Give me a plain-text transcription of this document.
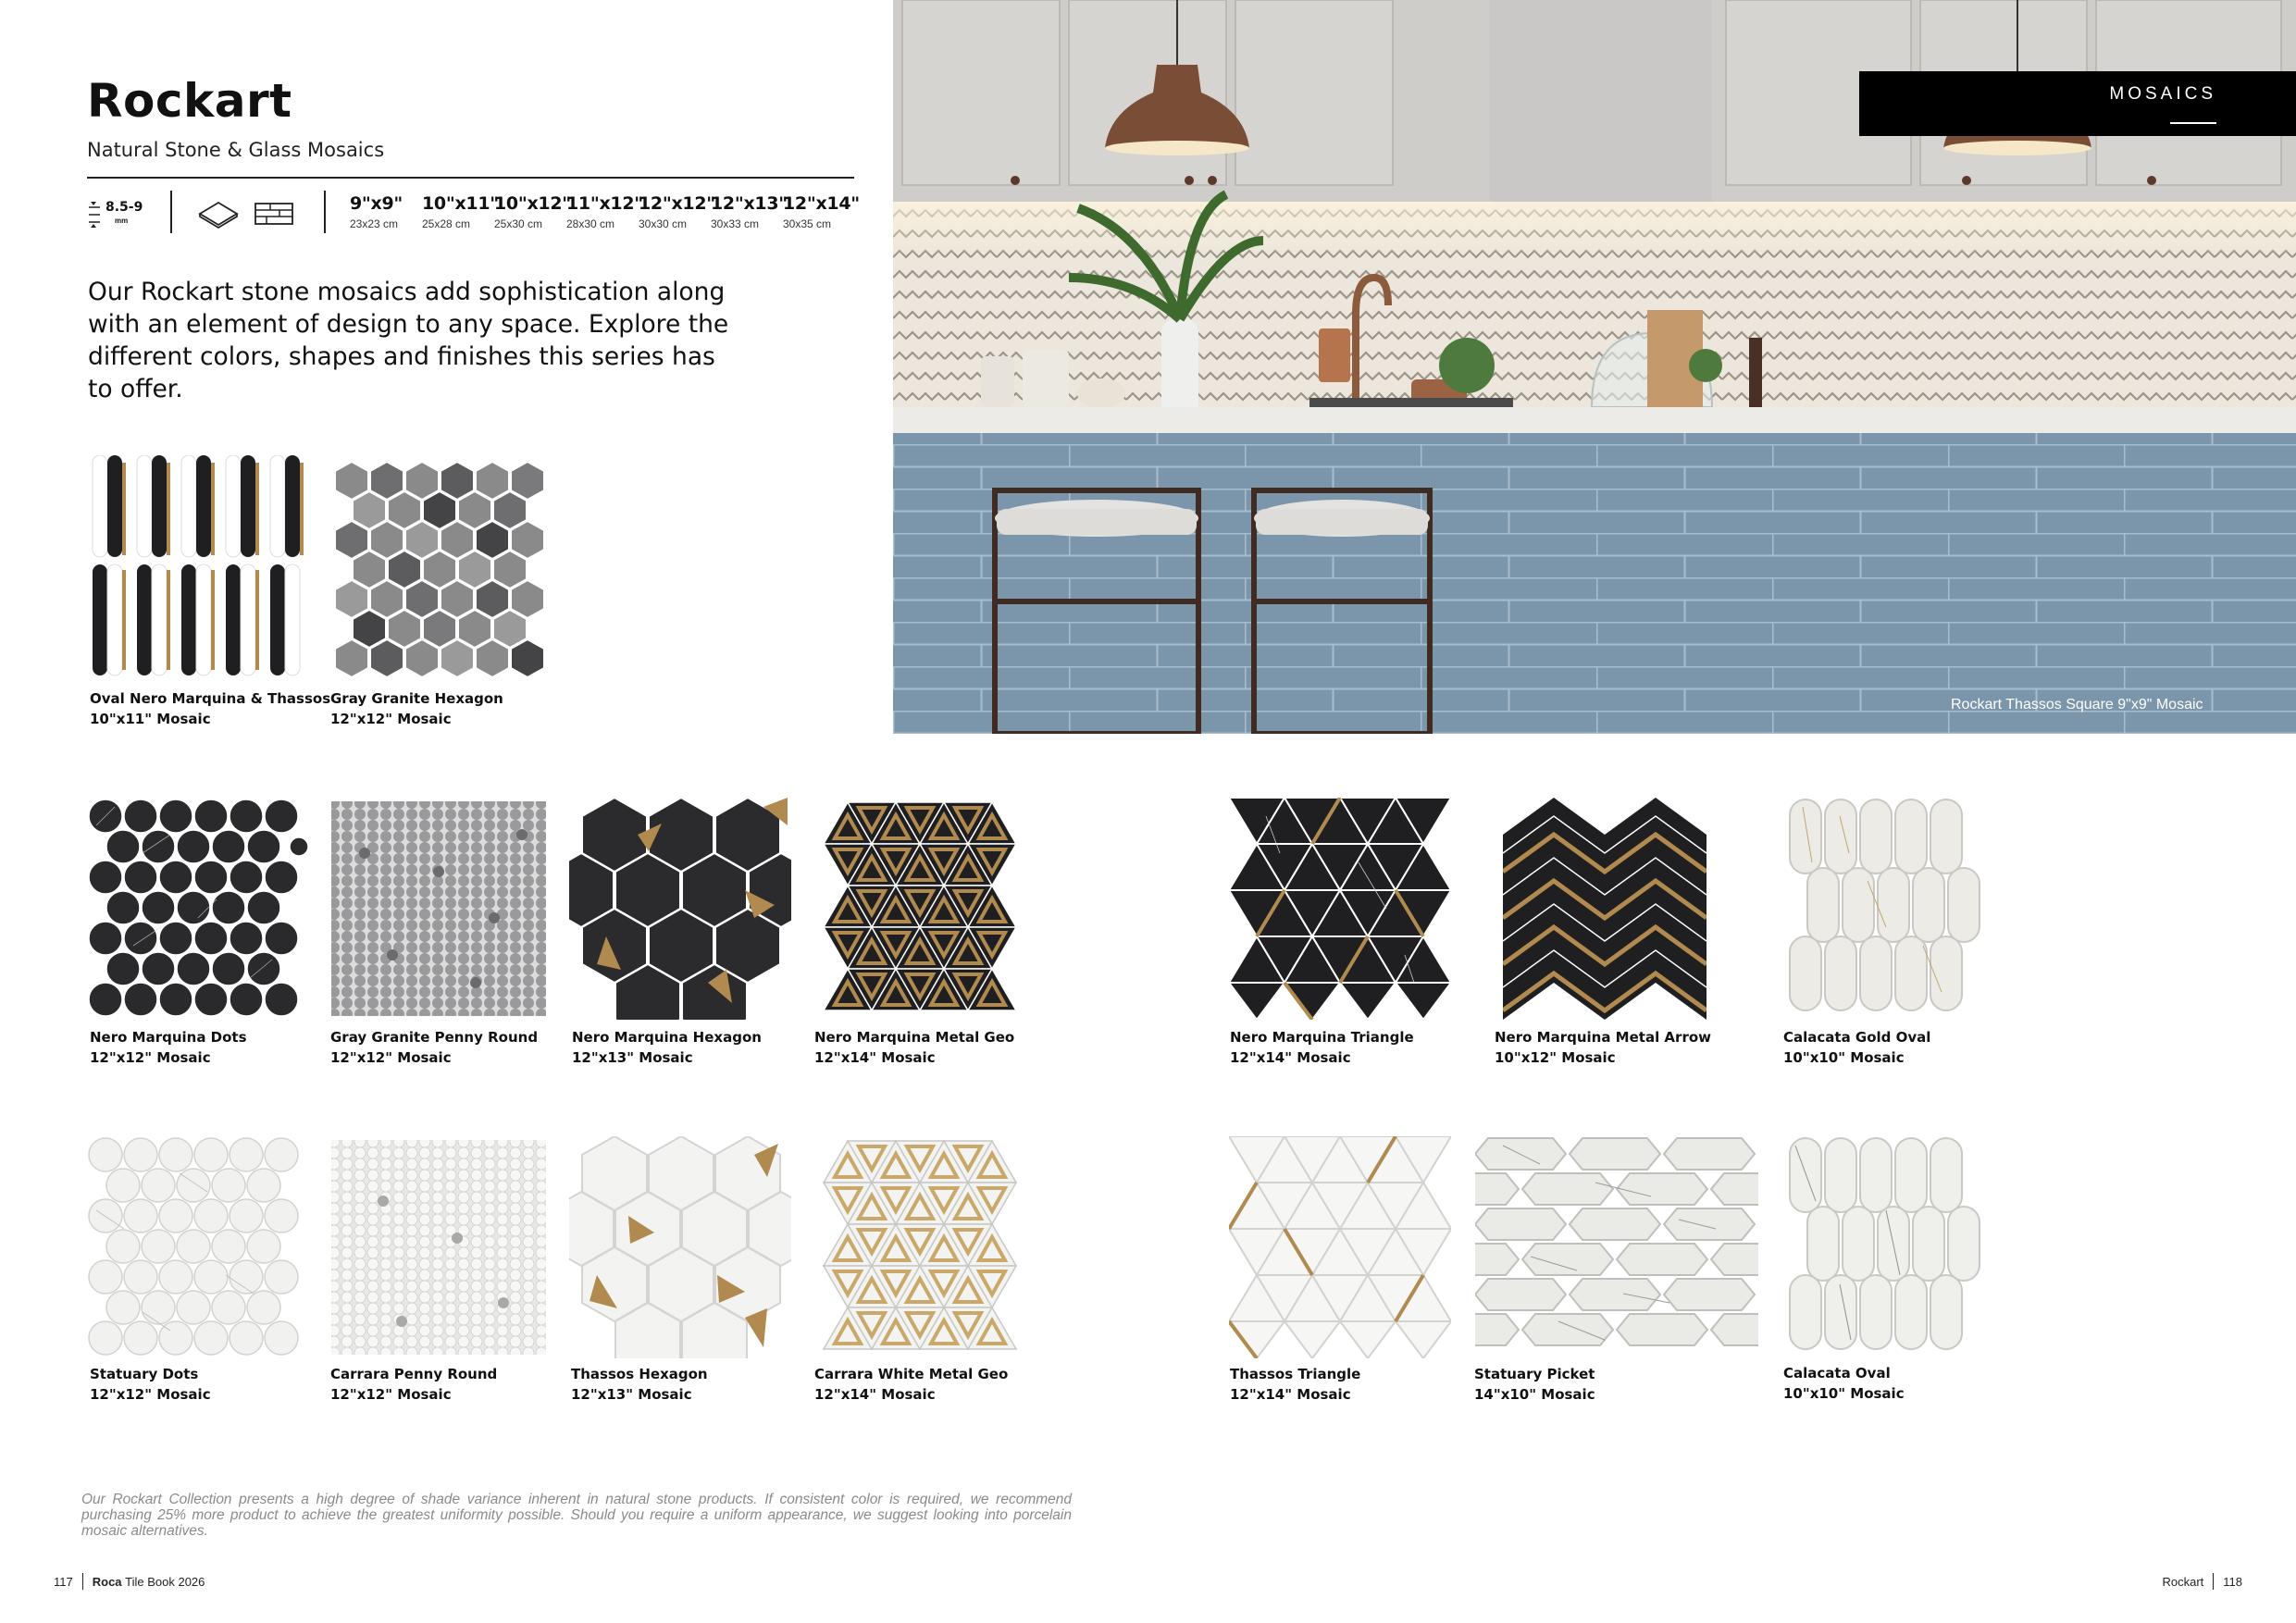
Rockart
Natural Stone & Glass Mosaics
8.5-9
mm
9"x9"
23x23 cm
10"x11"
25x28 cm
10"x12"
25x30 cm
11"x12"
28x30 cm
12"x12"
30x30 cm
12"x13"
30x33 cm
12"x14"
30x35 cm
Our Rockart stone mosaics add sophistication along with an element of design to any space. Explore the different colors, shapes and finishes this series has to offer.
MOSAICS
Rockart Thassos Square 9"x9" Mosaic
Oval Nero Marquina & Thassos
10"x11" Mosaic
Gray Granite Hexagon
12"x12" Mosaic
Nero Marquina Dots
12"x12" Mosaic
Gray Granite Penny Round
12"x12" Mosaic
Nero Marquina Hexagon
12"x13" Mosaic
Nero Marquina Metal Geo
12"x14" Mosaic
Nero Marquina Triangle
12"x14" Mosaic
Nero Marquina Metal Arrow
10"x12" Mosaic
Calacata Gold Oval
10"x10" Mosaic
Statuary Dots
12"x12" Mosaic
Carrara Penny Round
12"x12" Mosaic
Thassos Hexagon
12"x13" Mosaic
Carrara White Metal Geo
12"x14" Mosaic
Thassos Triangle
12"x14" Mosaic
Statuary Picket
14"x10" Mosaic
Calacata Oval
10"x10" Mosaic
Our Rockart Collection presents a high degree of shade variance inherent in natural stone products. If consistent color is required, we recommend purchasing 25% more product to achieve the greatest uniformity possible. Should you require a uniform appearance, we suggest looking into porcelain mosaic alternatives.
117 Roca
Tile Book 2026	Rockart 118
